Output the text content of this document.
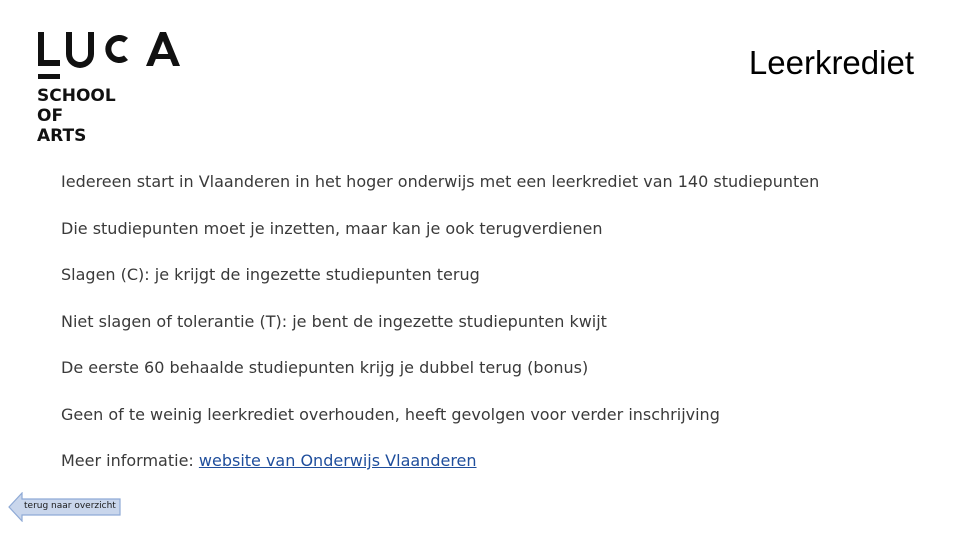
SCHOOL
OF
ARTS
Leerkrediet
Iedereen start in Vlaanderen in het hoger onderwijs met een leerkrediet van 140 studiepunten
Die studiepunten moet je inzetten, maar kan je ook terugverdienen
Slagen (C): je krijgt de ingezette studiepunten terug
Niet slagen of tolerantie (T): je bent de ingezette studiepunten kwijt
De eerste 60 behaalde studiepunten krijg je dubbel terug (bonus)
Geen of te weinig leerkrediet overhouden, heeft gevolgen voor verder inschrijving
Meer informatie: website van Onderwijs Vlaanderen
terug naar overzicht
